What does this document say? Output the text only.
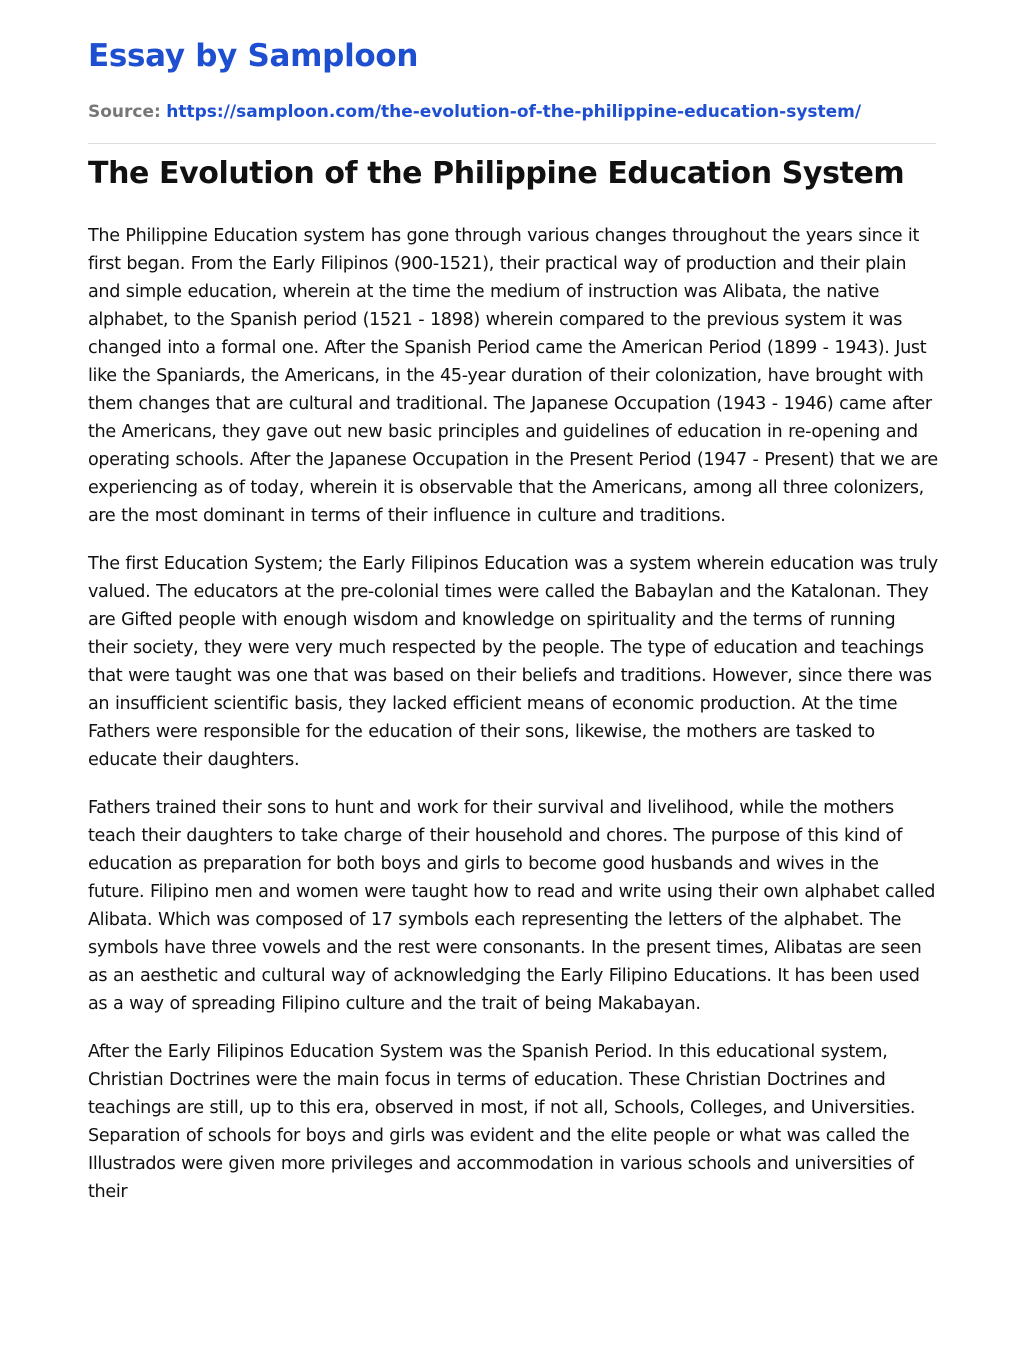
Essay by Samploon
Source: https://samploon.com/the-evolution-of-the-philippine-education-system/
The Evolution of the Philippine Education System

The Philippine Education system has gone through various changes throughout the years since it first began. From the Early Filipinos (900-1521), their practical way of production and their plain and simple education, wherein at the time the medium of instruction was Alibata, the native alphabet, to the Spanish period (1521 - 1898) wherein compared to the previous system it was changed into a formal one. After the Spanish Period came the American Period (1899 - 1943). Just like the Spaniards, the Americans, in the 45-year duration of their colonization, have brought with them changes that are cultural and traditional. The Japanese Occupation (1943 - 1946) came after the Americans, they gave out new basic principles and guidelines of education in re-opening and operating schools. After the Japanese Occupation in the Present Period (1947 - Present) that we are experiencing as of today, wherein it is observable that the Americans, among all three colonizers, are the most dominant in terms of their influence in culture and traditions.

The first Education System; the Early Filipinos Education was a system wherein education was truly valued. The educators at the pre-colonial times were called the Babaylan and the Katalonan. They are Gifted people with enough wisdom and knowledge on spirituality and the terms of running their society, they were very much respected by the people. The type of education and teachings that were taught was one that was based on their beliefs and traditions. However, since there was an insufficient scientific basis, they lacked efficient means of economic production. At the time Fathers were responsible for the education of their sons, likewise, the mothers are tasked to educate their daughters.

Fathers trained their sons to hunt and work for their survival and livelihood, while the mothers teach their daughters to take charge of their household and chores. The purpose of this kind of education as preparation for both boys and girls to become good husbands and wives in the future. Filipino men and women were taught how to read and write using their own alphabet called Alibata. Which was composed of 17 symbols each representing the letters of the alphabet. The symbols have three vowels and the rest were consonants. In the present times, Alibatas are seen as an aesthetic and cultural way of acknowledging the Early Filipino Educations. It has been used as a way of spreading Filipino culture and the trait of being Makabayan.

After the Early Filipinos Education System was the Spanish Period. In this educational system, Christian Doctrines were the main focus in terms of education. These Christian Doctrines and teachings are still, up to this era, observed in most, if not all, Schools, Colleges, and Universities. Separation of schools for boys and girls was evident and the elite people or what was called the Illustrados were given more privileges and accommodation in various schools and universities of their
